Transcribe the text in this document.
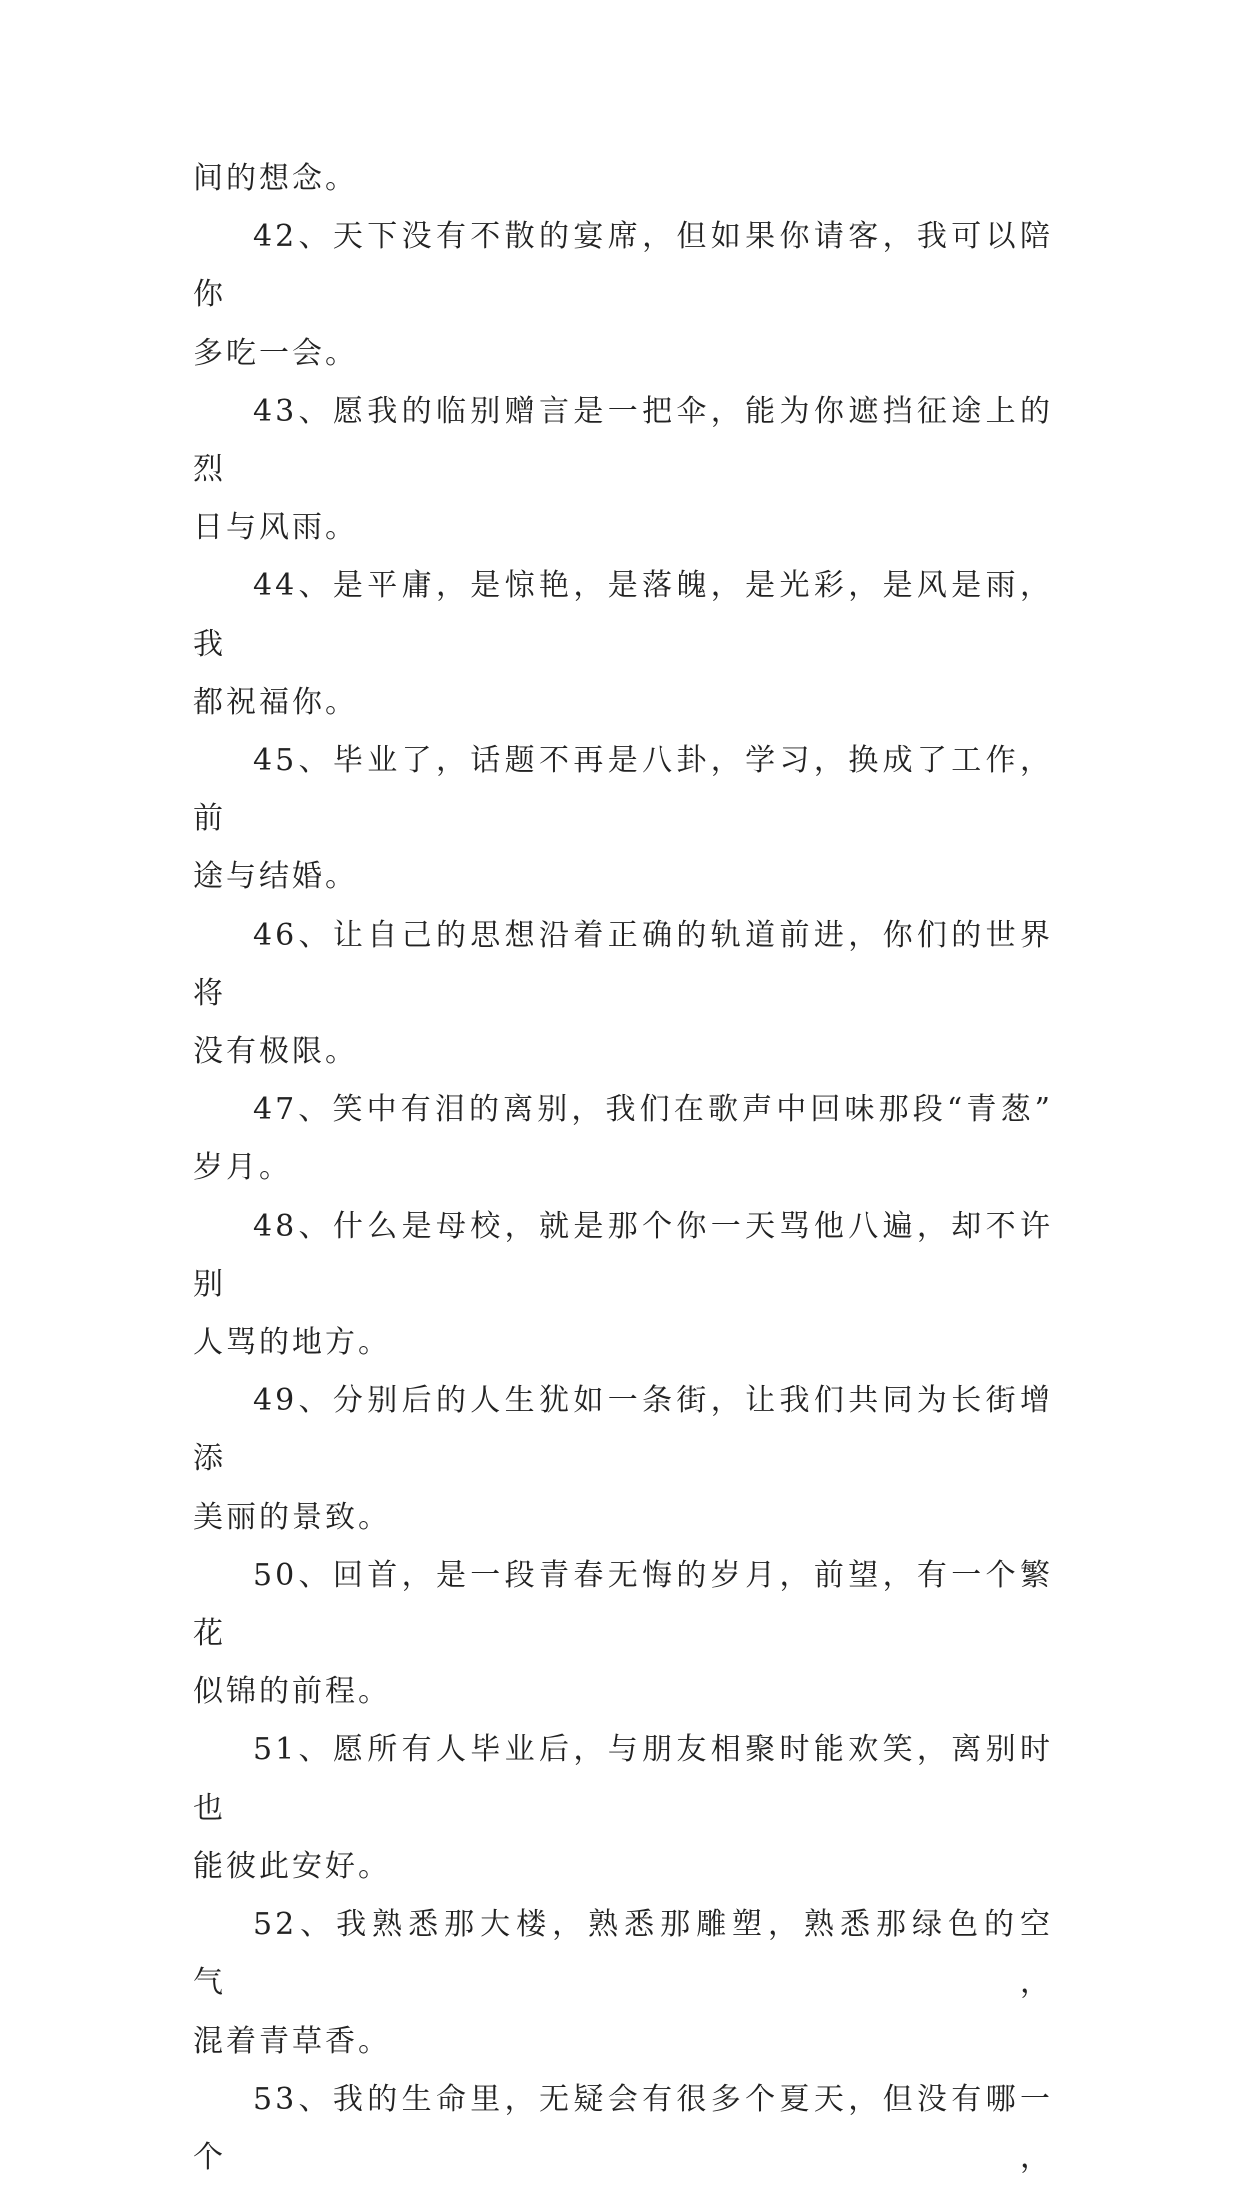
间的想念。

42、天下没有不散的宴席，但如果你请客，我可以陪你
多吃一会。

43、愿我的临别赠言是一把伞，能为你遮挡征途上的烈
日与风雨。

44、是平庸，是惊艳，是落魄，是光彩，是风是雨，我
都祝福你。

45、毕业了，话题不再是八卦，学习，换成了工作，前
途与结婚。

46、让自己的思想沿着正确的轨道前进，你们的世界将
没有极限。

47、笑中有泪的离别，我们在歌声中回味那段“青葱”
岁月。

48、什么是母校，就是那个你一天骂他八遍，却不许别
人骂的地方。

49、分别后的人生犹如一条街，让我们共同为长街增添
美丽的景致。

50、回首，是一段青春无悔的岁月，前望，有一个繁花
似锦的前程。

51、愿所有人毕业后，与朋友相聚时能欢笑，离别时也
能彼此安好。

52、我熟悉那大楼，熟悉那雕塑，熟悉那绿色的空气，
混着青草香。

53、我的生命里，无疑会有很多个夏天，但没有哪一个，
